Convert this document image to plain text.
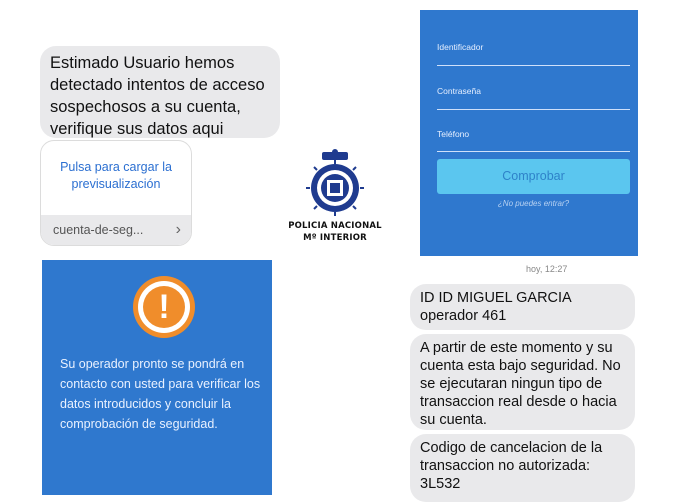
Estimado Usuario hemos detectado intentos de acceso sospechosos a su cuenta, verifique sus datos aqui
Pulsa para cargar la previsualización
cuenta-de-seg... ›	POLICIA NACIONAL
Mº INTERIOR
Identificador
Contraseña
Teléfono
Comprobar
¿No puedes entrar?
!
Su operador pronto se pondrá en contacto con usted para verificar los datos introducidos y concluir la comprobación de seguridad.
hoy, 12:27
ID ID MIGUEL GARCIA operador 461
A partir de este momento y su cuenta esta bajo seguridad. No se ejecutaran ningun tipo de transaccion real desde o hacia su cuenta.
Codigo de cancelacion de la transaccion no autorizada: 3L532
